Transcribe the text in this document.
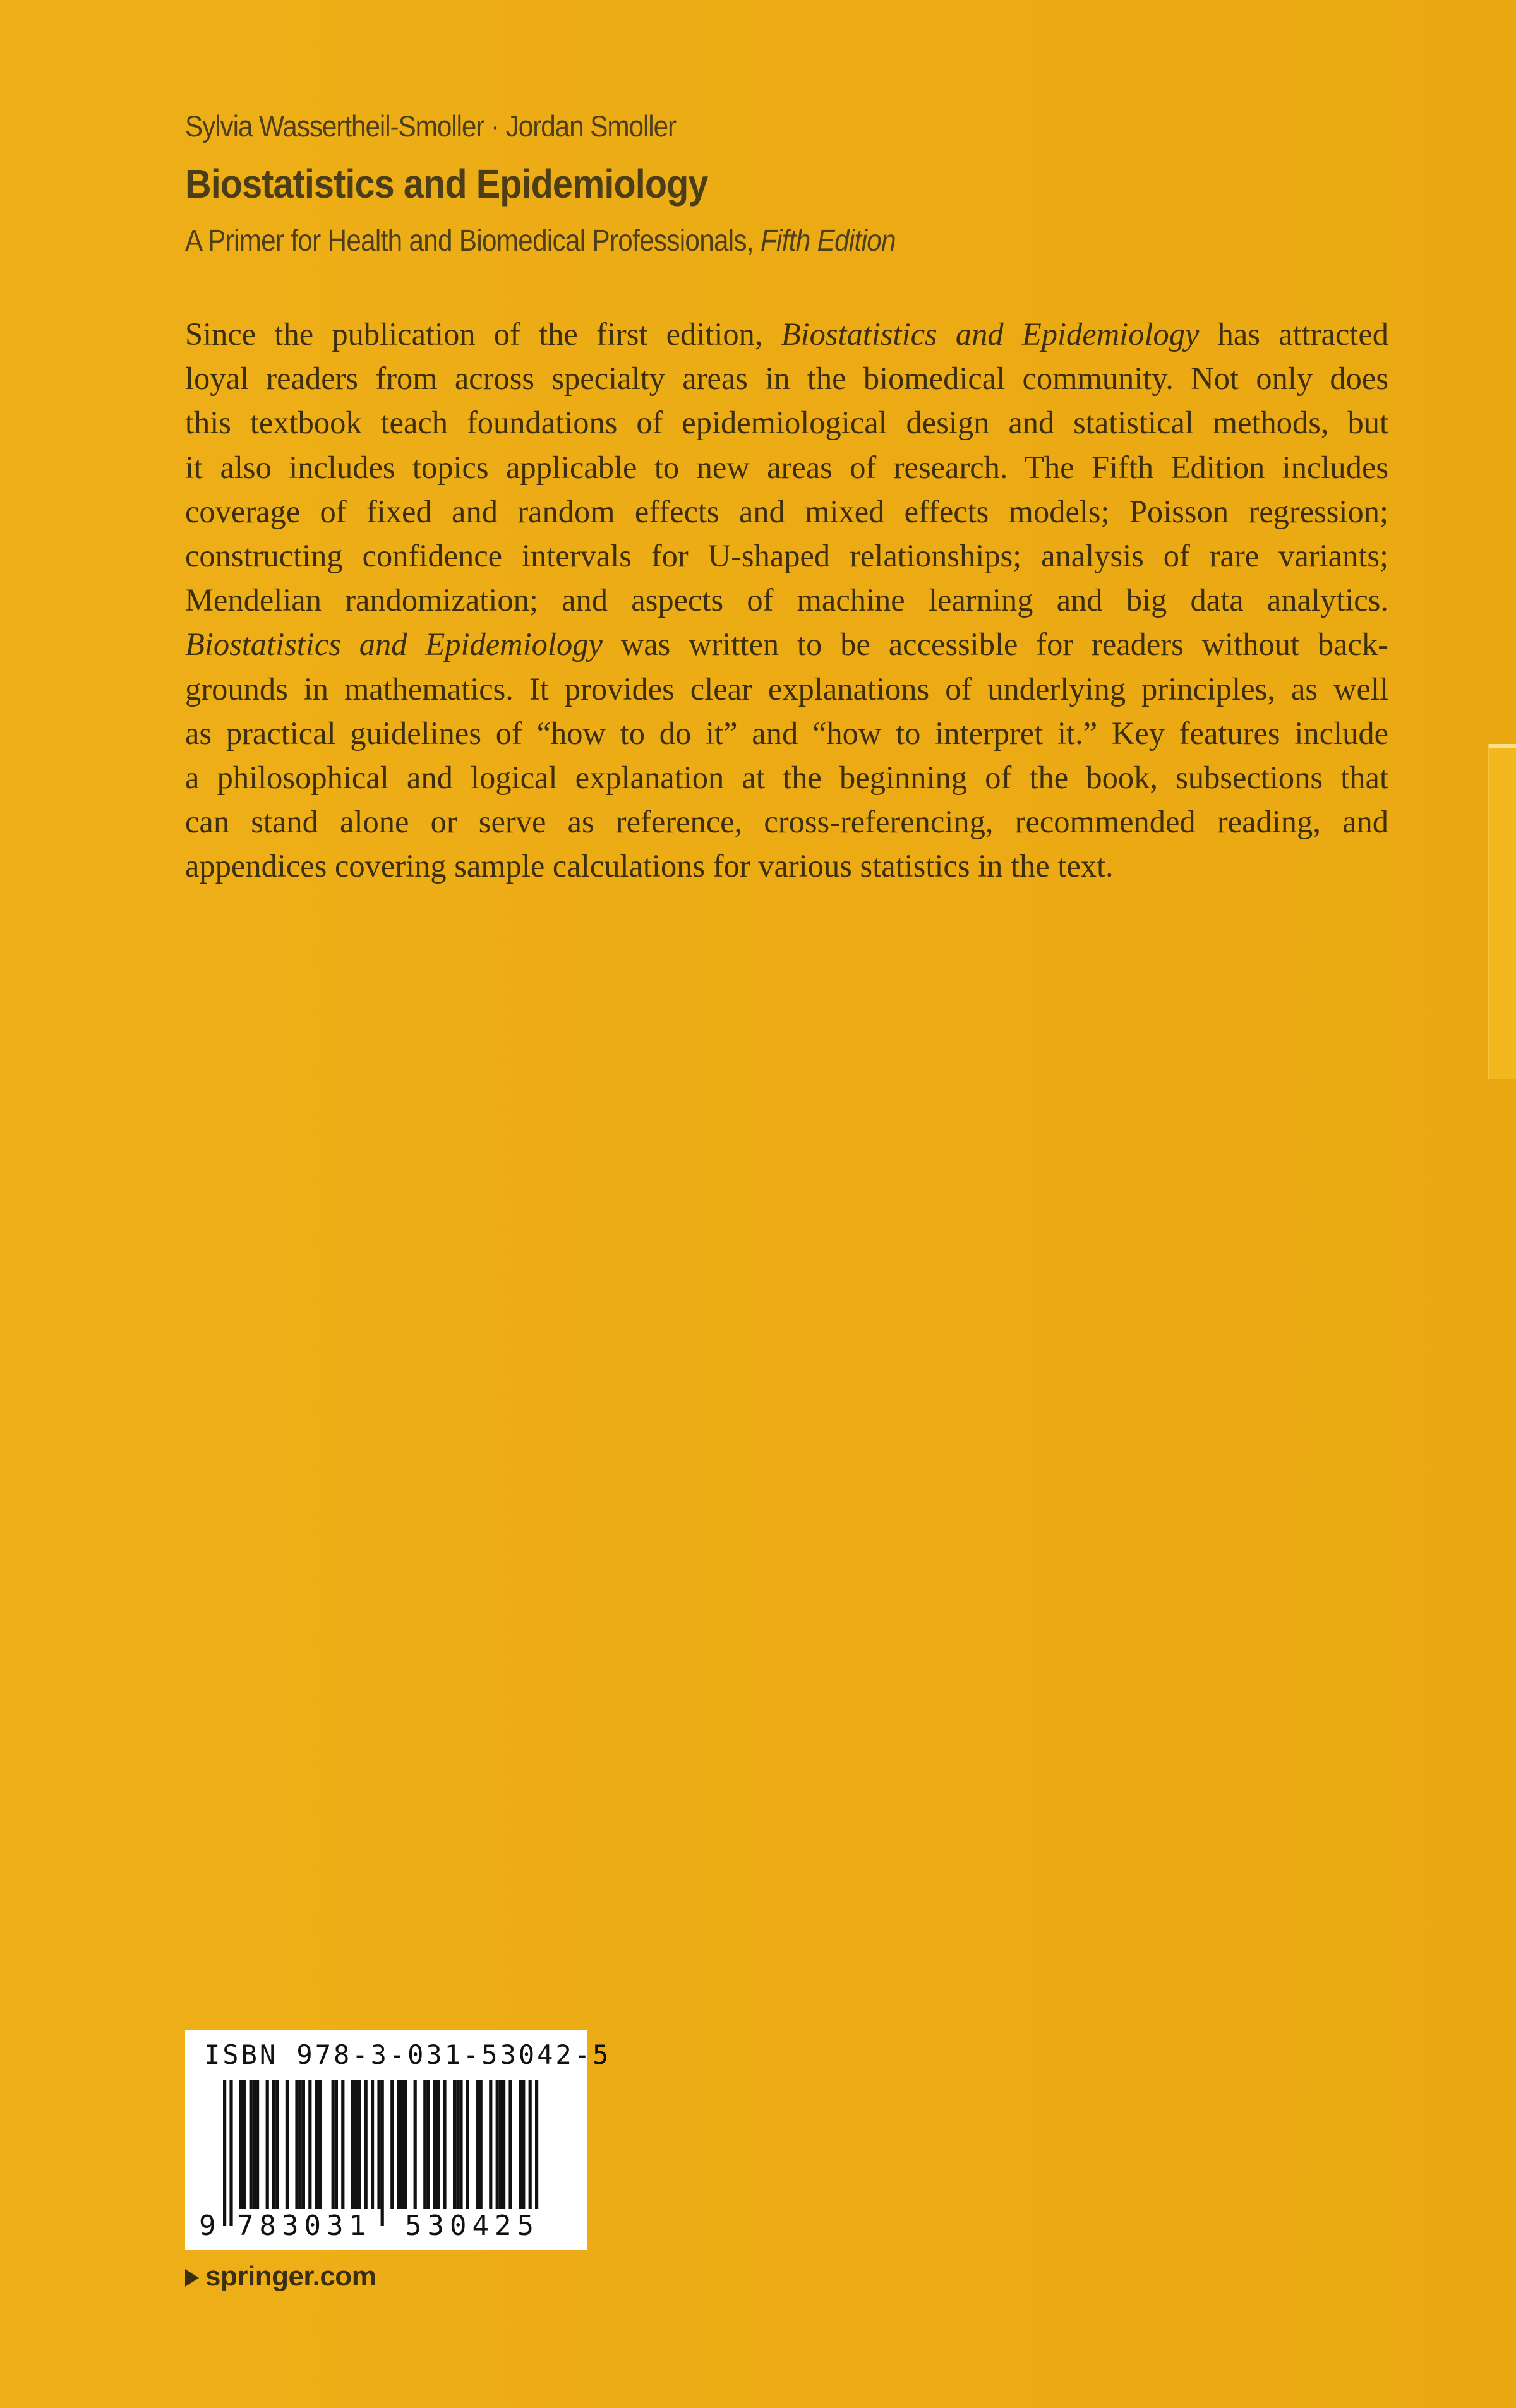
Sylvia Wassertheil-Smoller · Jordan Smoller
Biostatistics and Epidemiology
A Primer for Health and Biomedical Professionals, Fifth Edition
Since the publication of the first edition, Biostatistics and Epidemiology has attracted
loyal readers from across specialty areas in the biomedical community. Not only does
this textbook teach foundations of epidemiological design and statistical methods, but
it also includes topics applicable to new areas of research. The Fifth Edition includes
coverage of fixed and random effects and mixed effects models; Poisson regression;
constructing confidence intervals for U-shaped relationships; analysis of rare variants;
Mendelian randomization; and aspects of machine learning and big data analytics.
Biostatistics and Epidemiology was written to be accessible for readers without back-
grounds in mathematics. It provides clear explanations of underlying principles, as well
as practical guidelines of “how to do it” and “how to interpret it.” Key features include
a philosophical and logical explanation at the beginning of the book, subsections that
can stand alone or serve as reference, cross-referencing, recommended reading, and
appendices covering sample calculations for various statistics in the text.
ISBN 978-3-031-53042-5
9 783031 530425
springer.com
